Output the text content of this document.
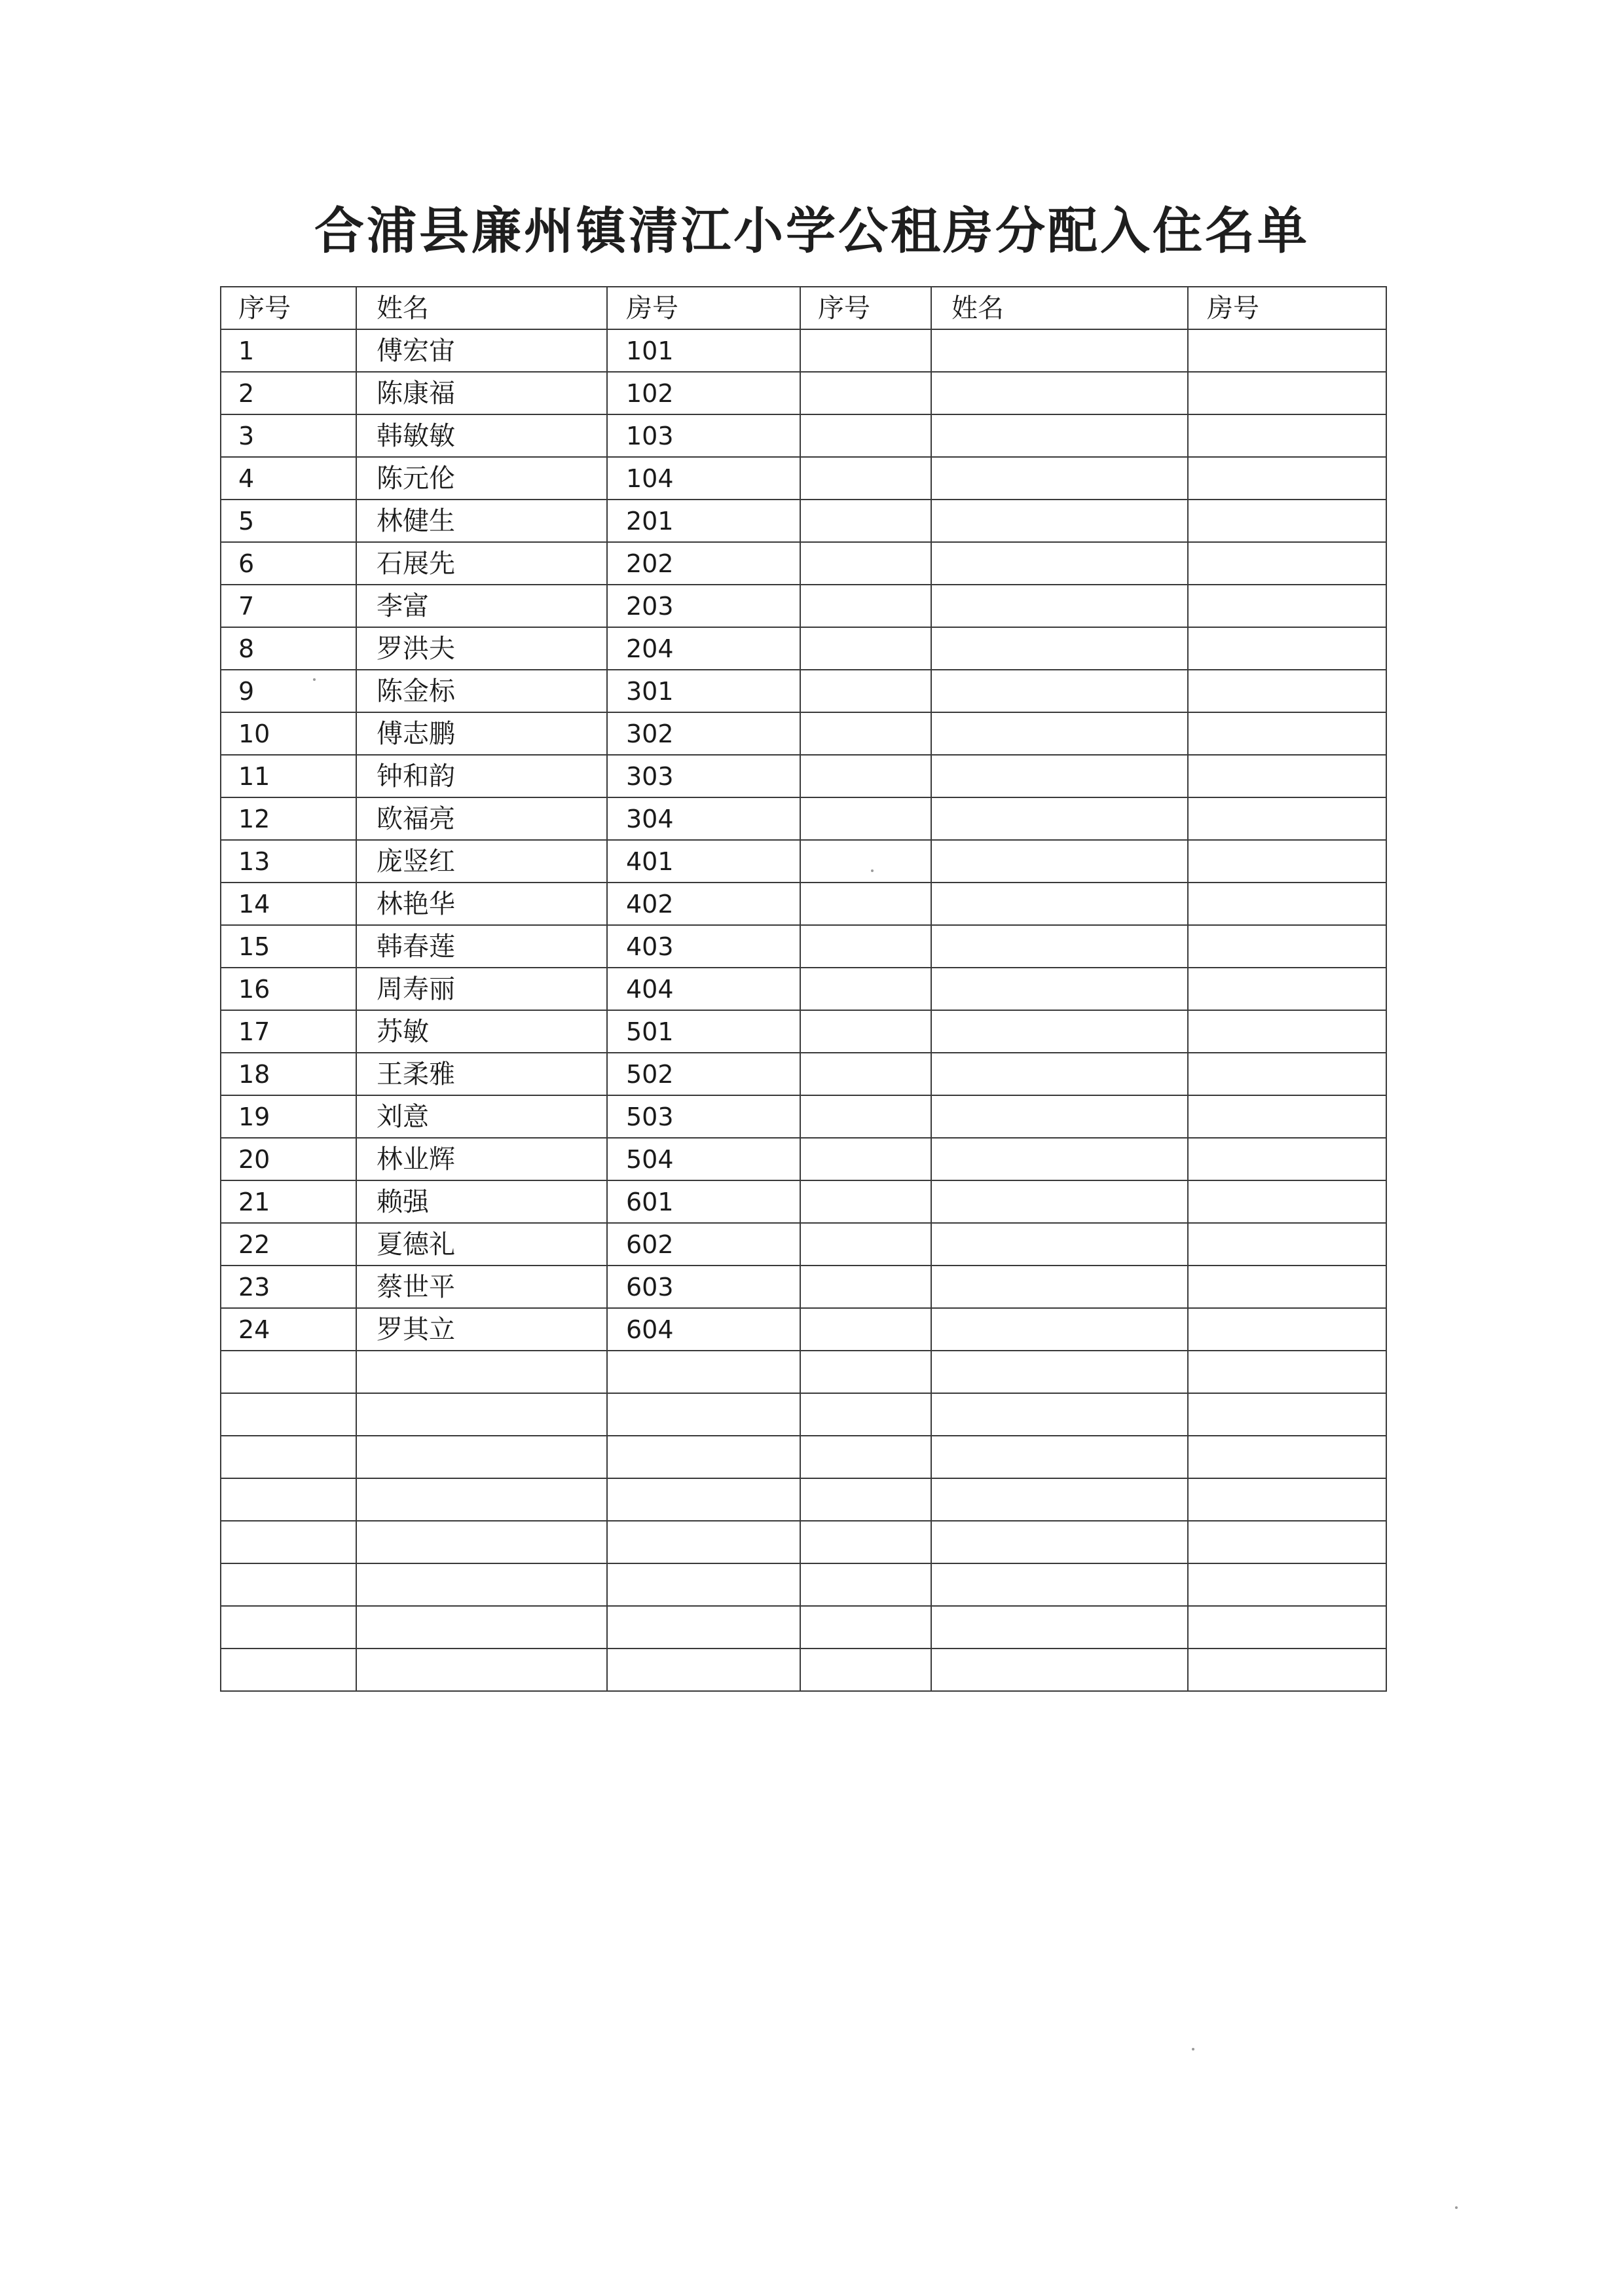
合浦县廉州镇清江小学公租房分配入住名单
序号	姓名	房号	序号	姓名	房号
1	傅宏宙	101			
2	陈康福	102			
3	韩敏敏	103			
4	陈元伦	104			
5	林健生	201			
6	石展先	202			
7	李富	203			
8	罗洪夫	204			
9	陈金标	301			
10	傅志鹏	302			
11	钟和韵	303			
12	欧福亮	304			
13	庞竖红	401			
14	林艳华	402			
15	韩春莲	403			
16	周寿丽	404			
17	苏敏	501			
18	王柔雅	502			
19	刘意	503			
20	林业辉	504			
21	赖强	601			
22	夏德礼	602			
23	蔡世平	603			
24	罗其立	604			
